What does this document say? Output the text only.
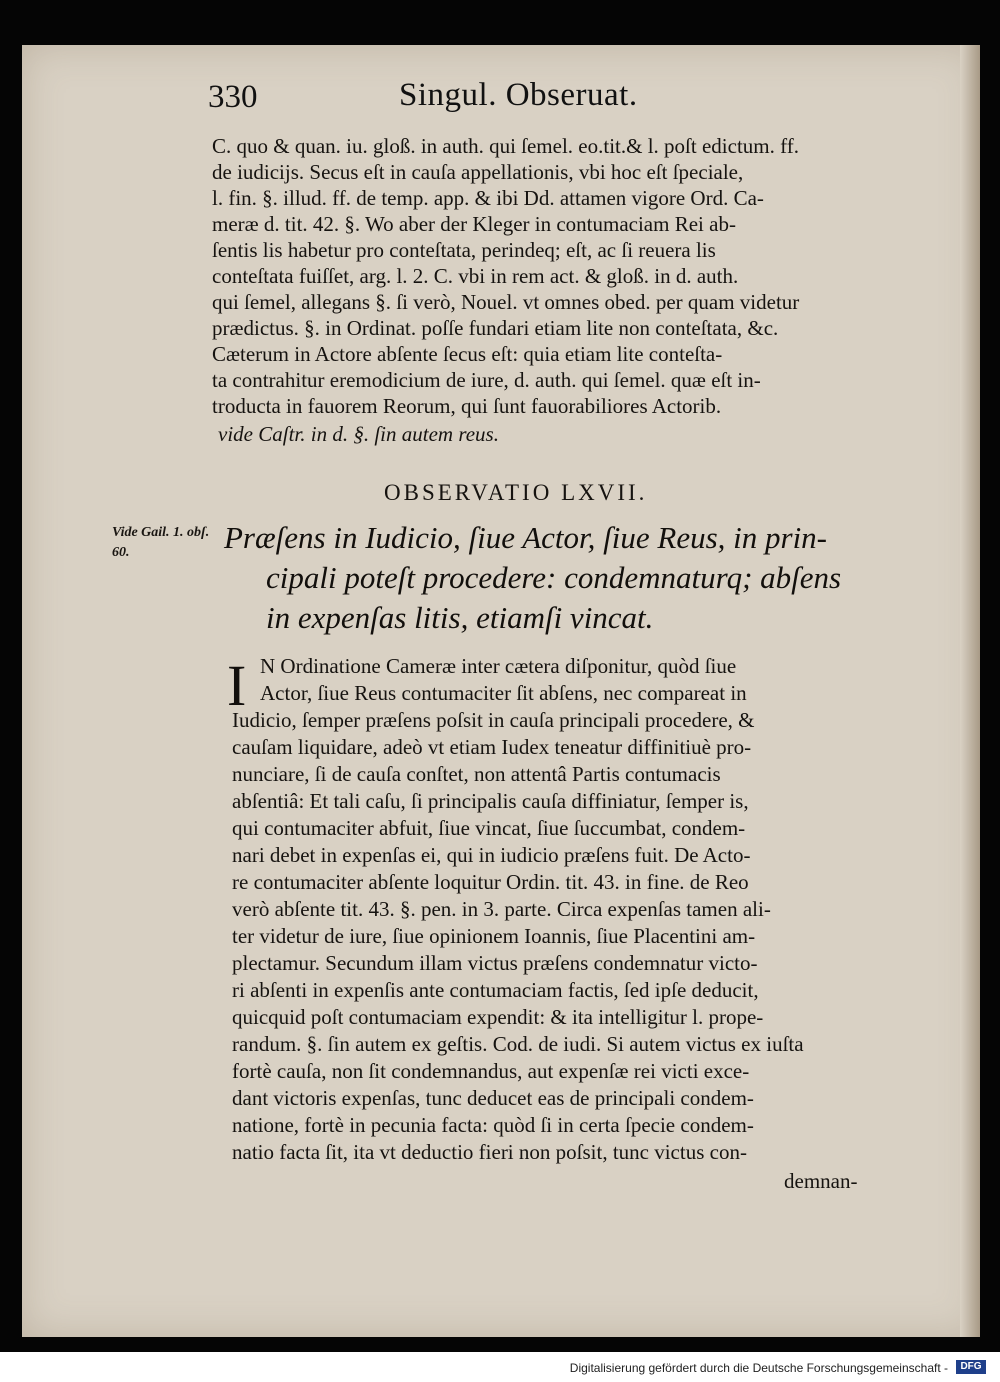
330	Singul. Obseruat.
C. quo & quan. iu. gloß. in auth. qui ſemel. eo.tit.& l. poſt edictum. ff.
de iudicijs. Secus eſt in cauſa appellationis, vbi hoc eſt ſpeciale,
l. fin. §. illud. ff. de temp. app. & ibi Dd. attamen vigore Ord. Ca-
meræ d. tit. 42. §. Wo aber der Kleger in contumaciam Rei ab-
ſentis lis habetur pro conteſtata, perindeq; eſt, ac ſi reuera lis
conteſtata fuiſſet, arg. l. 2. C. vbi in rem act. & gloß. in d. auth.
qui ſemel, allegans §. ſi verò, Nouel. vt omnes obed. per quam videtur
prædictus. §. in Ordinat. poſſe fundari etiam lite non conteſtata, &c.
Cæterum in Actore abſente ſecus eſt: quia etiam lite conteſta-
ta contrahitur eremodicium de iure, d. auth. qui ſemel. quæ eſt in-
troducta in fauorem Reorum, qui ſunt fauorabiliores Actorib.
vide Caſtr. in d. §. ſin autem reus.
OBSERVATIO LXVII.
Vide Gail. 1. obſ. 60.	Præſens in Iudicio, ſiue Actor, ſiue Reus, in prin-
cipali poteſt procedere: condemnaturq; abſens
in expenſas litis, etiamſi vincat.
I N Ordinatione Cameræ inter cætera diſponitur, quòd ſiue
Actor, ſiue Reus contumaciter ſit abſens, nec compareat in
Iudicio, ſemper præſens poſsit in cauſa principali procedere, &
cauſam liquidare, adeò vt etiam Iudex teneatur diffinitiuè pro-
nunciare, ſi de cauſa conſtet, non attentâ Partis contumacis
abſentiâ: Et tali caſu, ſi principalis cauſa diffiniatur, ſemper is,
qui contumaciter abfuit, ſiue vincat, ſiue ſuccumbat, condem-
nari debet in expenſas ei, qui in iudicio præſens fuit. De Acto-
re contumaciter abſente loquitur Ordin. tit. 43. in fine. de Reo
verò abſente tit. 43. §. pen. in 3. parte. Circa expenſas tamen ali-
ter videtur de iure, ſiue opinionem Ioannis, ſiue Placentini am-
plectamur. Secundum illam victus præſens condemnatur victo-
ri abſenti in expenſis ante contumaciam factis, ſed ipſe deducit,
quicquid poſt contumaciam expendit: & ita intelligitur l. prope-
randum. §. ſin autem ex geſtis. Cod. de iudi. Si autem victus ex iuſta
fortè cauſa, non ſit condemnandus, aut expenſæ rei victi exce-
dant victoris expenſas, tunc deducet eas de principali condem-
natione, fortè in pecunia facta: quòd ſi in certa ſpecie condem-
natio facta ſit, ita vt deductio fieri non poſsit, tunc victus con-
demnan-
Digitalisierung gefördert durch die Deutsche Forschungsgemeinschaft -	DFG
